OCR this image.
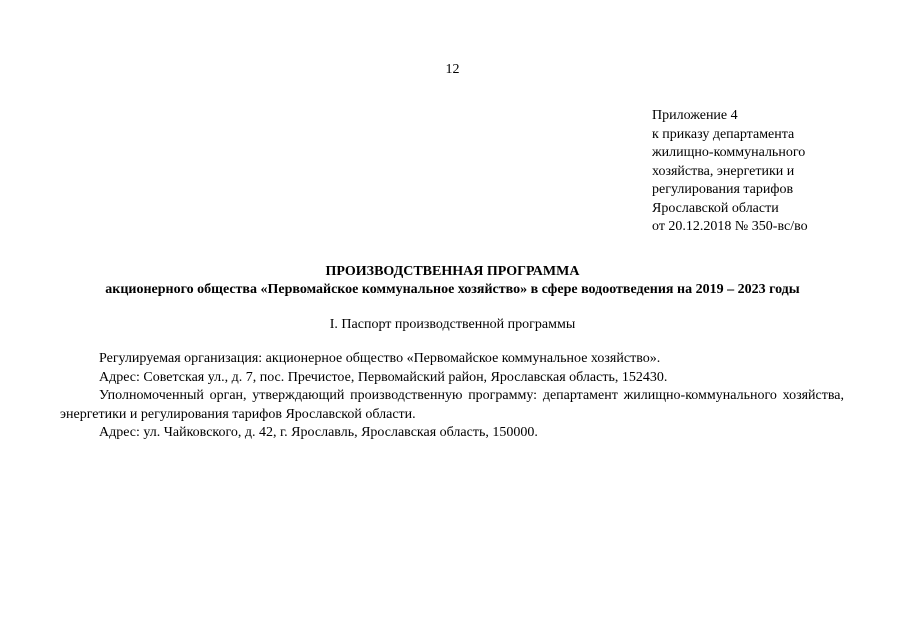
12
Приложение 4
к приказу департамента
жилищно-коммунального
хозяйства, энергетики и
регулирования тарифов
Ярославской области
от 20.12.2018 № 350-вс/во
ПРОИЗВОДСТВЕННАЯ ПРОГРАММА
акционерного общества «Первомайское коммунальное хозяйство» в сфере водоотведения на 2019 – 2023 годы
I. Паспорт производственной программы

Регулируемая организация: акционерное общество «Первомайское коммунальное хозяйство».

Адрес: Советская ул., д. 7, пос. Пречистое, Первомайский район, Ярославская область, 152430.

Уполномоченный орган, утверждающий производственную программу: департамент жилищно-коммунального хозяйства, энергетики и регулирования тарифов Ярославской области.

Адрес: ул. Чайковского, д. 42, г. Ярославль, Ярославская область, 150000.
